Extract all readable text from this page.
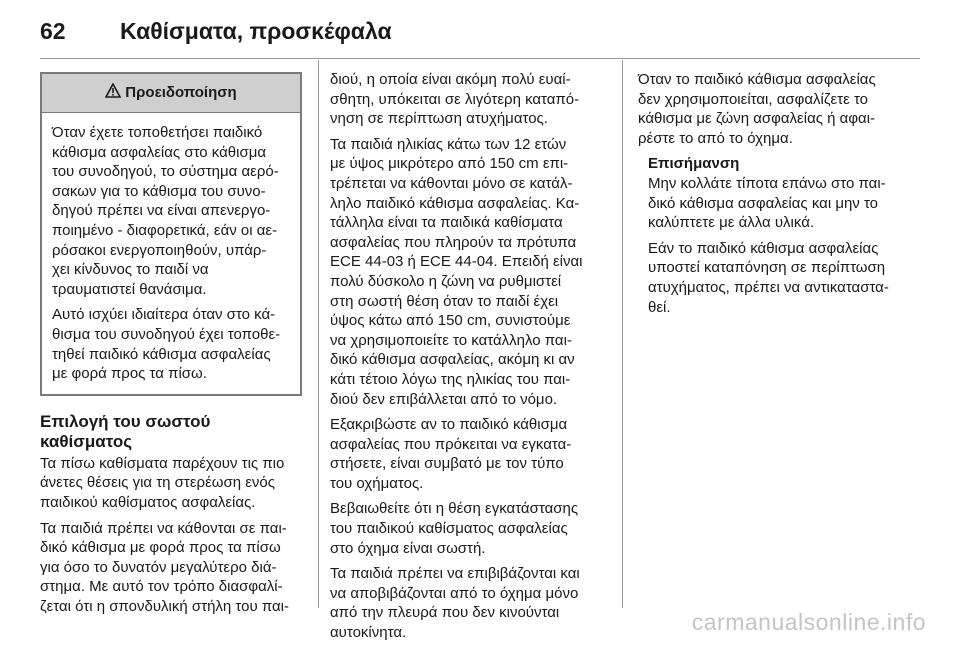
62	Καθίσματα, προσκέφαλα
Προειδοποίηση

Όταν έχετε τοποθετήσει παιδικό
κάθισμα ασφαλείας στο κάθισμα
του συνοδηγού, το σύστημα αερό-
σακων για το κάθισμα του συνο-
δηγού πρέπει να είναι απενεργο-
ποιημένο - διαφορετικά, εάν οι αε-
ρόσακοι ενεργοποιηθούν, υπάρ-
χει κίνδυνος το παιδί να
τραυματιστεί θανάσιμα.

Αυτό ισχύει ιδιαίτερα όταν στο κά-
θισμα του συνοδηγού έχει τοποθε-
τηθεί παιδικό κάθισμα ασφαλείας
με φορά προς τα πίσω.

Επιλογή του σωστού
καθίσματος

Τα πίσω καθίσματα παρέχουν τις πιο
άνετες θέσεις για τη στερέωση ενός
παιδικού καθίσματος ασφαλείας.

Τα παιδιά πρέπει να κάθονται σε παι-
δικό κάθισμα με φορά προς τα πίσω
για όσο το δυνατόν μεγαλύτερο διά-
στημα. Με αυτό τον τρόπο διασφαλί-
ζεται ότι η σπονδυλική στήλη του παι-

διού, η οποία είναι ακόμη πολύ ευαί-
σθητη, υπόκειται σε λιγότερη καταπό-
νηση σε περίπτωση ατυχήματος.

Τα παιδιά ηλικίας κάτω των 12 ετών
με ύψος μικρότερο από 150 cm επι-
τρέπεται να κάθονται μόνο σε κατάλ-
ληλο παιδικό κάθισμα ασφαλείας. Κα-
τάλληλα είναι τα παιδικά καθίσματα
ασφαλείας που πληρούν τα πρότυπα
ECE 44-03 ή ECE 44-04. Επειδή είναι
πολύ δύσκολο η ζώνη να ρυθμιστεί
στη σωστή θέση όταν το παιδί έχει
ύψος κάτω από 150 cm, συνιστούμε
να χρησιμοποιείτε το κατάλληλο παι-
δικό κάθισμα ασφαλείας, ακόμη κι αν
κάτι τέτοιο λόγω της ηλικίας του παι-
διού δεν επιβάλλεται από το νόμο.

Εξακριβώστε αν το παιδικό κάθισμα
ασφαλείας που πρόκειται να εγκατα-
στήσετε, είναι συμβατό με τον τύπο
του οχήματος.

Βεβαιωθείτε ότι η θέση εγκατάστασης
του παιδικού καθίσματος ασφαλείας
στο όχημα είναι σωστή.

Τα παιδιά πρέπει να επιβιβάζονται και
να αποβιβάζονται από το όχημα μόνο
από την πλευρά που δεν κινούνται
αυτοκίνητα.

Όταν το παιδικό κάθισμα ασφαλείας
δεν χρησιμοποιείται, ασφαλίζετε το
κάθισμα με ζώνη ασφαλείας ή αφαι-
ρέστε το από το όχημα.

Επισήμανση

Μην κολλάτε τίποτα επάνω στο παι-
δικό κάθισμα ασφαλείας και μην το
καλύπτετε με άλλα υλικά.

Εάν το παιδικό κάθισμα ασφαλείας
υποστεί καταπόνηση σε περίπτωση
ατυχήματος, πρέπει να αντικαταστα-
θεί.

carmanualsonline.info
